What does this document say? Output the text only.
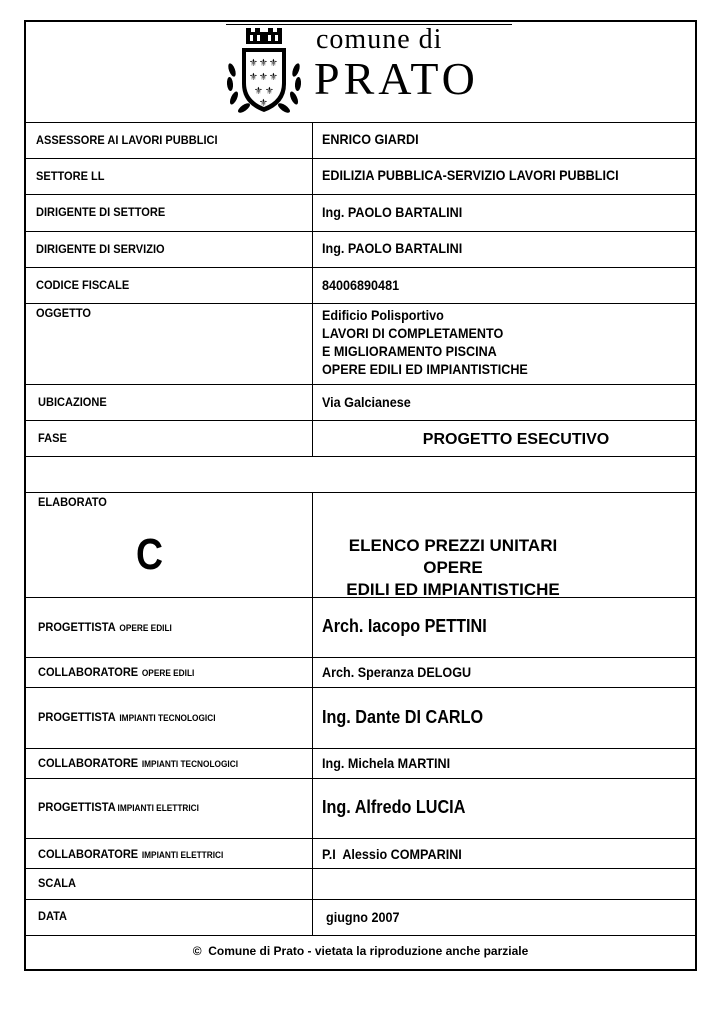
⚜ ⚜ ⚜
⚜ ⚜ ⚜
⚜ ⚜
⚜
comune di
PRATO
ASSESSORE AI LAVORI PUBBLICI	ENRICO GIARDI
SETTORE LL	EDILIZIA PUBBLICA-SERVIZIO LAVORI PUBBLICI
DIRIGENTE DI SETTORE	Ing. PAOLO BARTALINI
DIRIGENTE DI SERVIZIO	Ing. PAOLO BARTALINI
CODICE FISCALE	84006890481
OGGETTO	Edificio Polisportivo
LAVORI DI COMPLETAMENTO
E MIGLIORAMENTO PISCINA
OPERE EDILI ED IMPIANTISTICHE
UBICAZIONE	Via Galcianese
FASE	PROGETTO ESECUTIVO
ELABORATO
C	ELENCO PREZZI UNITARI OPERE
EDILI ED IMPIANTISTICHE
PROGETTISTA OPERE EDILI	Arch. Iacopo PETTINI
COLLABORATORE OPERE EDILI	Arch. Speranza DELOGU
PROGETTISTA IMPIANTI TECNOLOGICI	Ing. Dante DI CARLO
COLLABORATORE IMPIANTI TECNOLOGICI	Ing. Michela MARTINI
PROGETTISTA IMPIANTI ELETTRICI	Ing. Alfredo LUCIA
COLLABORATORE IMPIANTI ELETTRICI	P.I  Alessio COMPARINI
SCALA
DATA	giugno 2007
©  Comune di Prato - vietata la riproduzione anche parziale
